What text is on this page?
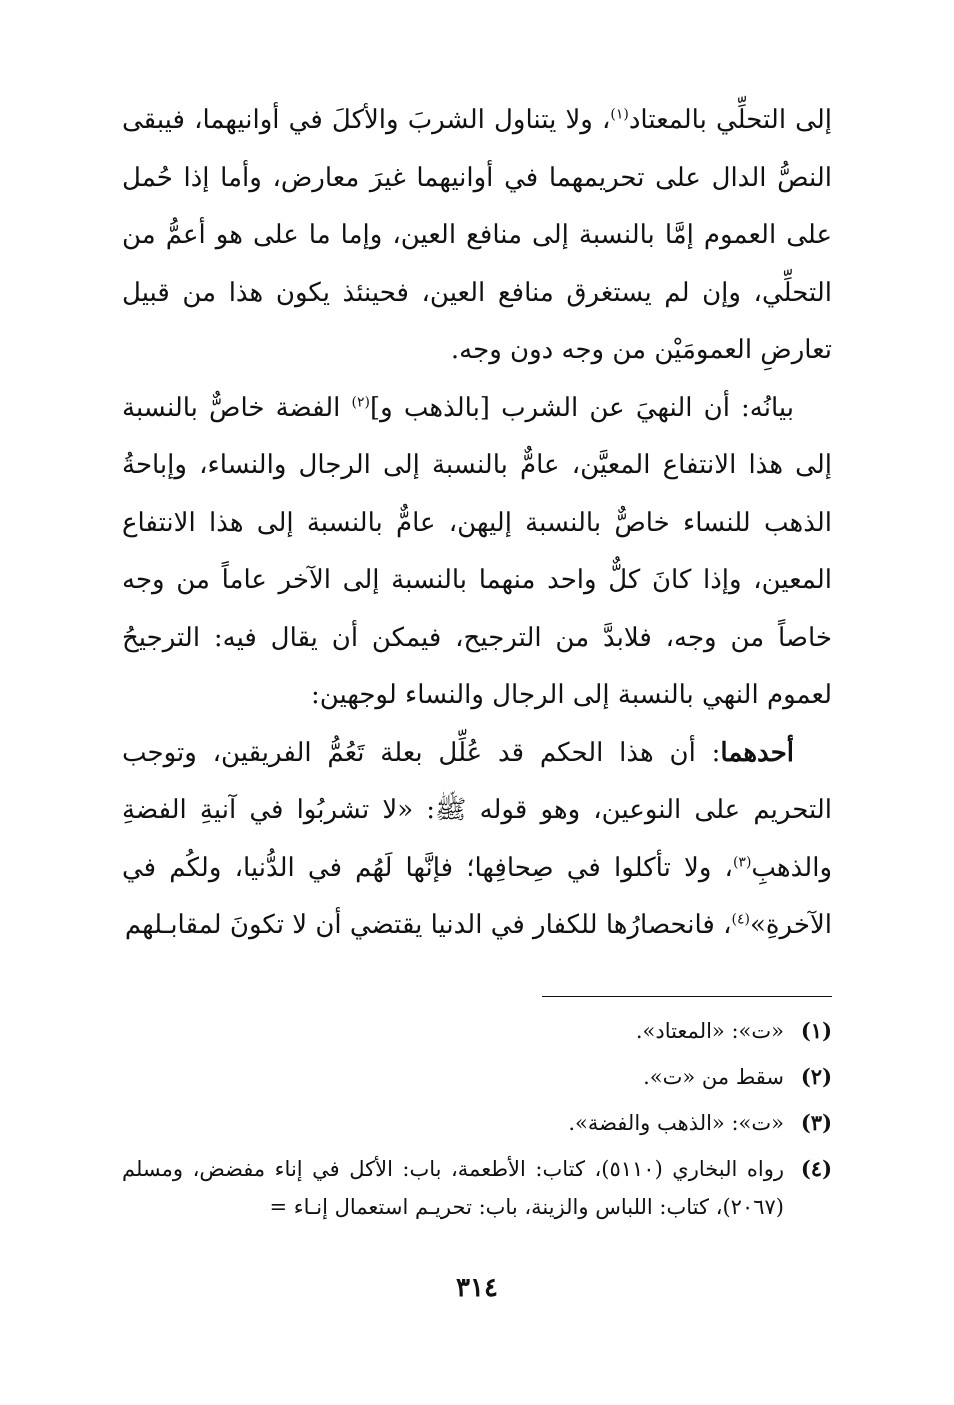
إلى التحلِّي بالمعتاد$^{(١)}$، ولا يتناول الشربَ والأكلَ في أوانيهما، فيبقى النصُّ الدال على تحريمهما في أوانيهما غيرَ معارض، وأما إذا حُمل على العموم إمَّا بالنسبة إلى منافع العين، وإما ما على هو أعمُّ من التحلِّي، وإن لم يستغرق منافع العين، فحينئذ يكون هذا من قبيل تعارضِ العمومَيْن من وجه دون وجه.

بيانُه: أن النهيَ عن الشرب [بالذهب و]$^{(٢)}$ الفضة خاصٌّ بالنسبة إلى هذا الانتفاع المعيَّن، عامٌّ بالنسبة إلى الرجال والنساء، وإباحةُ الذهب للنساء خاصٌّ بالنسبة إليهن، عامٌّ بالنسبة إلى هذا الانتفاع المعين، وإذا كانَ كلٌّ واحد منهما بالنسبة إلى الآخر عاماً من وجه خاصاً من وجه، فلابدَّ من الترجيح، فيمكن أن يقال فيه: الترجيحُ لعموم النهي بالنسبة إلى الرجال والنساء لوجهين:

أحدهما: أن هذا الحكم قد عُلِّل بعلة تَعُمُّ الفريقين، وتوجب التحريم على النوعين، وهو قوله ﷺ: «لا تشربُوا في آنيةِ الفضةِ والذهبِ$^{(٣)}$، ولا تأكلوا في صِحافِها؛ فإنَّها لَهُم في الدُّنيا، ولكُم في الآخرةِ»$^{(٤)}$، فانحصارُها للكفار في الدنيا يقتضي أن لا تكونَ لمقابـلهم

(١)
«ت»: «المعتاد».
(٢)
سقط من «ت».
(٣)
«ت»: «الذهب والفضة».
(٤)
رواه البخاري (٥١١٠)، كتاب: الأطعمة، باب: الأكل في إناء مفضض، ومسلم (٢٠٦٧)، كتاب: اللباس والزينة، باب: تحريـم استعمال إنـاء =
٣١٤
